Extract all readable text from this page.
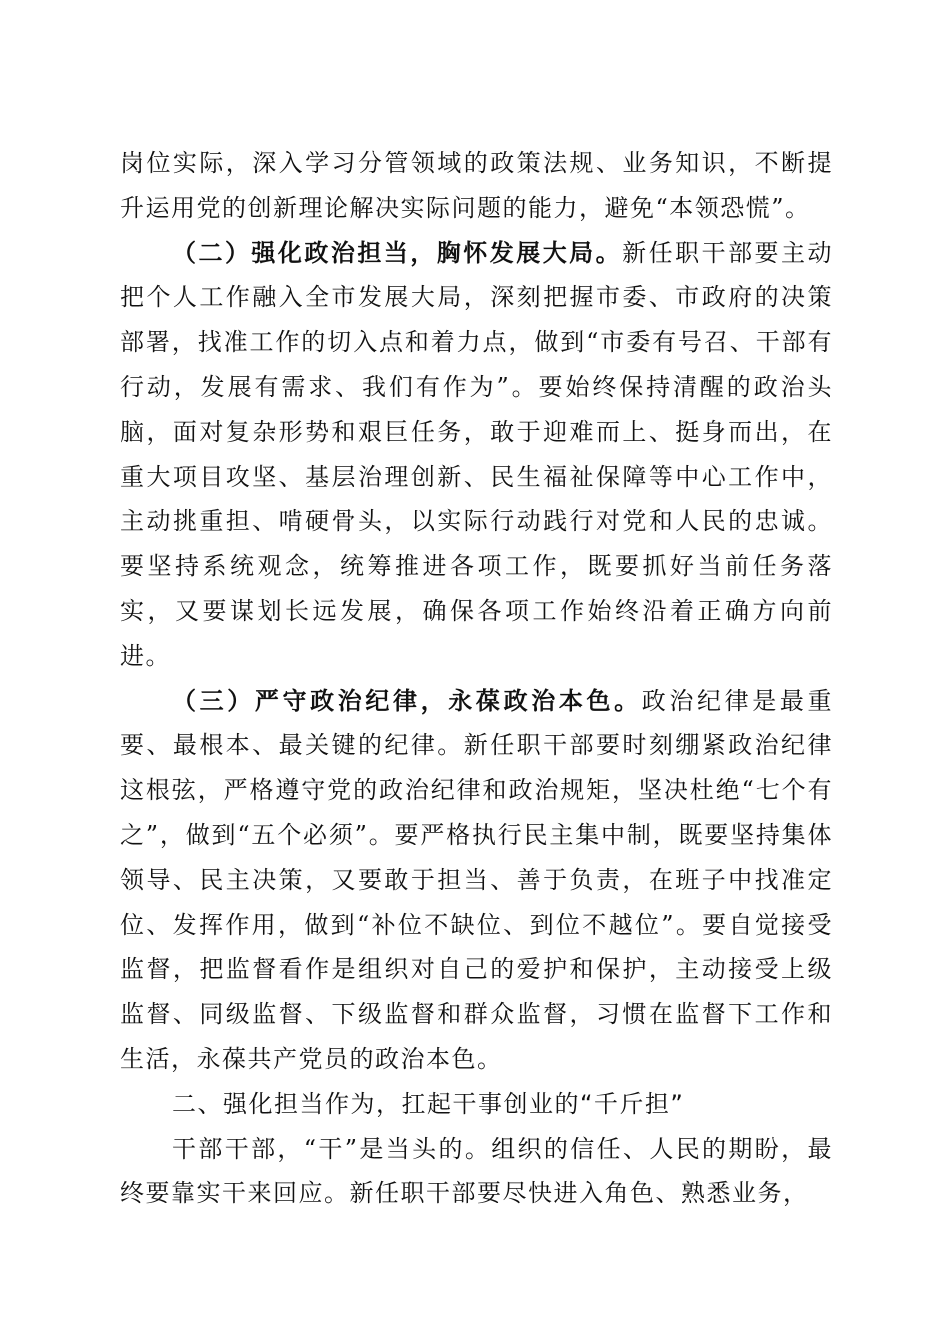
岗位实际，深入学习分管领域的政策法规、业务知识，不断提升运用党的创新理论解决实际问题的能力，避免“本领恐慌”。

（二）强化政治担当，胸怀发展大局。新任职干部要主动把个人工作融入全市发展大局，深刻把握市委、市政府的决策部署，找准工作的切入点和着力点，做到“市委有号召、干部有行动，发展有需求、我们有作为”。要始终保持清醒的政治头脑，面对复杂形势和艰巨任务，敢于迎难而上、挺身而出，在重大项目攻坚、基层治理创新、民生福祉保障等中心工作中，主动挑重担、啃硬骨头，以实际行动践行对党和人民的忠诚。要坚持系统观念，统筹推进各项工作，既要抓好当前任务落实，又要谋划长远发展，确保各项工作始终沿着正确方向前进。

（三）严守政治纪律，永葆政治本色。政治纪律是最重要、最根本、最关键的纪律。新任职干部要时刻绷紧政治纪律这根弦，严格遵守党的政治纪律和政治规矩，坚决杜绝“七个有之”，做到“五个必须”。要严格执行民主集中制，既要坚持集体领导、民主决策，又要敢于担当、善于负责，在班子中找准定位、发挥作用，做到“补位不缺位、到位不越位”。要自觉接受监督，把监督看作是组织对自己的爱护和保护，主动接受上级监督、同级监督、下级监督和群众监督，习惯在监督下工作和生活，永葆共产党员的政治本色。

二、强化担当作为，扛起干事创业的“千斤担”

干部干部，“干”是当头的。组织的信任、人民的期盼，最终要靠实干来回应。新任职干部要尽快进入角色、熟悉业务，
